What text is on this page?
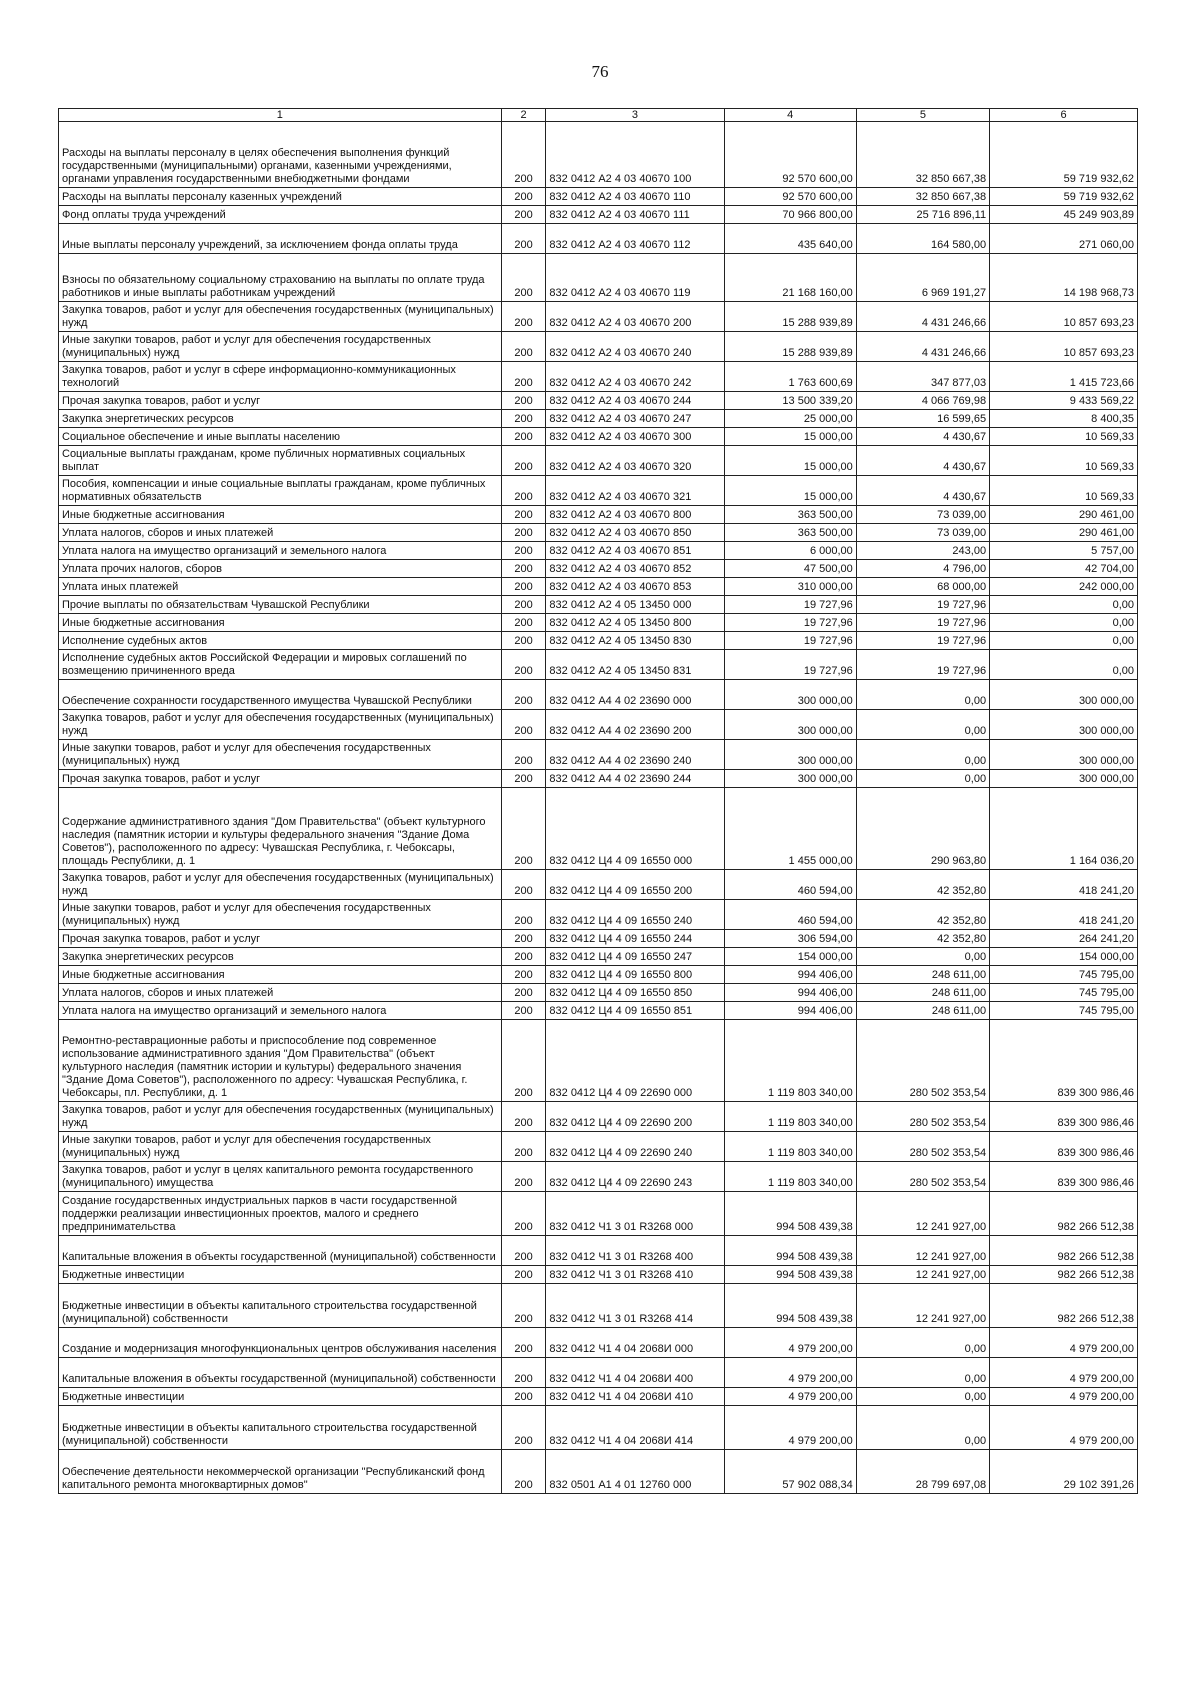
76
1	2	3	4	5	6
Расходы на выплаты персоналу в целях обеспечения выполнения функций государственными (муниципальными) органами, казенными учреждениями, органами управления государственными внебюджетными фондами	200	832 0412 А2 4 03 40670 100	92 570 600,00	32 850 667,38	59 719 932,62
Расходы на выплаты персоналу казенных учреждений	200	832 0412 А2 4 03 40670 110	92 570 600,00	32 850 667,38	59 719 932,62
Фонд оплаты труда учреждений	200	832 0412 А2 4 03 40670 111	70 966 800,00	25 716 896,11	45 249 903,89
Иные выплаты персоналу учреждений, за исключением фонда оплаты труда	200	832 0412 А2 4 03 40670 112	435 640,00	164 580,00	271 060,00
Взносы по обязательному социальному страхованию на выплаты по оплате труда работников и иные выплаты работникам учреждений	200	832 0412 А2 4 03 40670 119	21 168 160,00	6 969 191,27	14 198 968,73
Закупка товаров, работ и услуг для обеспечения государственных (муниципальных) нужд	200	832 0412 А2 4 03 40670 200	15 288 939,89	4 431 246,66	10 857 693,23
Иные закупки товаров, работ и услуг для обеспечения государственных (муниципальных) нужд	200	832 0412 А2 4 03 40670 240	15 288 939,89	4 431 246,66	10 857 693,23
Закупка товаров, работ и услуг в сфере информационно-коммуникационных технологий	200	832 0412 А2 4 03 40670 242	1 763 600,69	347 877,03	1 415 723,66
Прочая закупка товаров, работ и услуг	200	832 0412 А2 4 03 40670 244	13 500 339,20	4 066 769,98	9 433 569,22
Закупка энергетических ресурсов	200	832 0412 А2 4 03 40670 247	25 000,00	16 599,65	8 400,35
Социальное обеспечение и иные выплаты населению	200	832 0412 А2 4 03 40670 300	15 000,00	4 430,67	10 569,33
Социальные выплаты гражданам, кроме публичных нормативных социальных выплат	200	832 0412 А2 4 03 40670 320	15 000,00	4 430,67	10 569,33
Пособия, компенсации и иные социальные выплаты гражданам, кроме публичных нормативных обязательств	200	832 0412 А2 4 03 40670 321	15 000,00	4 430,67	10 569,33
Иные бюджетные ассигнования	200	832 0412 А2 4 03 40670 800	363 500,00	73 039,00	290 461,00
Уплата налогов, сборов и иных платежей	200	832 0412 А2 4 03 40670 850	363 500,00	73 039,00	290 461,00
Уплата налога на имущество организаций и земельного налога	200	832 0412 А2 4 03 40670 851	6 000,00	243,00	5 757,00
Уплата прочих налогов, сборов	200	832 0412 А2 4 03 40670 852	47 500,00	4 796,00	42 704,00
Уплата иных платежей	200	832 0412 А2 4 03 40670 853	310 000,00	68 000,00	242 000,00
Прочие выплаты по обязательствам Чувашской Республики	200	832 0412 А2 4 05 13450 000	19 727,96	19 727,96	0,00
Иные бюджетные ассигнования	200	832 0412 А2 4 05 13450 800	19 727,96	19 727,96	0,00
Исполнение судебных актов	200	832 0412 А2 4 05 13450 830	19 727,96	19 727,96	0,00
Исполнение судебных актов Российской Федерации и мировых соглашений по возмещению причиненного вреда	200	832 0412 А2 4 05 13450 831	19 727,96	19 727,96	0,00
Обеспечение сохранности государственного имущества Чувашской Республики	200	832 0412 А4 4 02 23690 000	300 000,00	0,00	300 000,00
Закупка товаров, работ и услуг для обеспечения государственных (муниципальных) нужд	200	832 0412 А4 4 02 23690 200	300 000,00	0,00	300 000,00
Иные закупки товаров, работ и услуг для обеспечения государственных (муниципальных) нужд	200	832 0412 А4 4 02 23690 240	300 000,00	0,00	300 000,00
Прочая закупка товаров, работ и услуг	200	832 0412 А4 4 02 23690 244	300 000,00	0,00	300 000,00
Содержание административного здания "Дом Правительства" (объект культурного наследия (памятник истории и культуры федерального значения "Здание Дома Советов"), расположенного по адресу: Чувашская Республика, г. Чебоксары, площадь Республики, д. 1	200	832 0412 Ц4 4 09 16550 000	1 455 000,00	290 963,80	1 164 036,20
Закупка товаров, работ и услуг для обеспечения государственных (муниципальных) нужд	200	832 0412 Ц4 4 09 16550 200	460 594,00	42 352,80	418 241,20
Иные закупки товаров, работ и услуг для обеспечения государственных (муниципальных) нужд	200	832 0412 Ц4 4 09 16550 240	460 594,00	42 352,80	418 241,20
Прочая закупка товаров, работ и услуг	200	832 0412 Ц4 4 09 16550 244	306 594,00	42 352,80	264 241,20
Закупка энергетических ресурсов	200	832 0412 Ц4 4 09 16550 247	154 000,00	0,00	154 000,00
Иные бюджетные ассигнования	200	832 0412 Ц4 4 09 16550 800	994 406,00	248 611,00	745 795,00
Уплата налогов, сборов и иных платежей	200	832 0412 Ц4 4 09 16550 850	994 406,00	248 611,00	745 795,00
Уплата налога на имущество организаций и земельного налога	200	832 0412 Ц4 4 09 16550 851	994 406,00	248 611,00	745 795,00
Ремонтно-реставрационные работы и приспособление под современное использование административного здания "Дом Правительства" (объект культурного наследия (памятник истории и культуры) федерального значения "Здание Дома Советов"), расположенного по адресу: Чувашская Республика, г. Чебоксары, пл. Республики, д. 1	200	832 0412 Ц4 4 09 22690 000	1 119 803 340,00	280 502 353,54	839 300 986,46
Закупка товаров, работ и услуг для обеспечения государственных (муниципальных) нужд	200	832 0412 Ц4 4 09 22690 200	1 119 803 340,00	280 502 353,54	839 300 986,46
Иные закупки товаров, работ и услуг для обеспечения государственных (муниципальных) нужд	200	832 0412 Ц4 4 09 22690 240	1 119 803 340,00	280 502 353,54	839 300 986,46
Закупка товаров, работ и услуг в целях капитального ремонта государственного (муниципального) имущества	200	832 0412 Ц4 4 09 22690 243	1 119 803 340,00	280 502 353,54	839 300 986,46
Создание государственных индустриальных парков в части государственной поддержки реализации инвестиционных проектов, малого и среднего предпринимательства	200	832 0412 Ч1 3 01 R3268 000	994 508 439,38	12 241 927,00	982 266 512,38
Капитальные вложения в объекты государственной (муниципальной) собственности	200	832 0412 Ч1 3 01 R3268 400	994 508 439,38	12 241 927,00	982 266 512,38
Бюджетные инвестиции	200	832 0412 Ч1 3 01 R3268 410	994 508 439,38	12 241 927,00	982 266 512,38
Бюджетные инвестиции в объекты капитального строительства государственной (муниципальной) собственности	200	832 0412 Ч1 3 01 R3268 414	994 508 439,38	12 241 927,00	982 266 512,38
Создание и модернизация многофункциональных центров обслуживания населения	200	832 0412 Ч1 4 04 2068И 000	4 979 200,00	0,00	4 979 200,00
Капитальные вложения в объекты государственной (муниципальной) собственности	200	832 0412 Ч1 4 04 2068И 400	4 979 200,00	0,00	4 979 200,00
Бюджетные инвестиции	200	832 0412 Ч1 4 04 2068И 410	4 979 200,00	0,00	4 979 200,00
Бюджетные инвестиции в объекты капитального строительства государственной (муниципальной) собственности	200	832 0412 Ч1 4 04 2068И 414	4 979 200,00	0,00	4 979 200,00
Обеспечение деятельности некоммерческой организации "Республиканский фонд капитального ремонта многоквартирных домов"	200	832 0501 А1 4 01 12760 000	57 902 088,34	28 799 697,08	29 102 391,26
